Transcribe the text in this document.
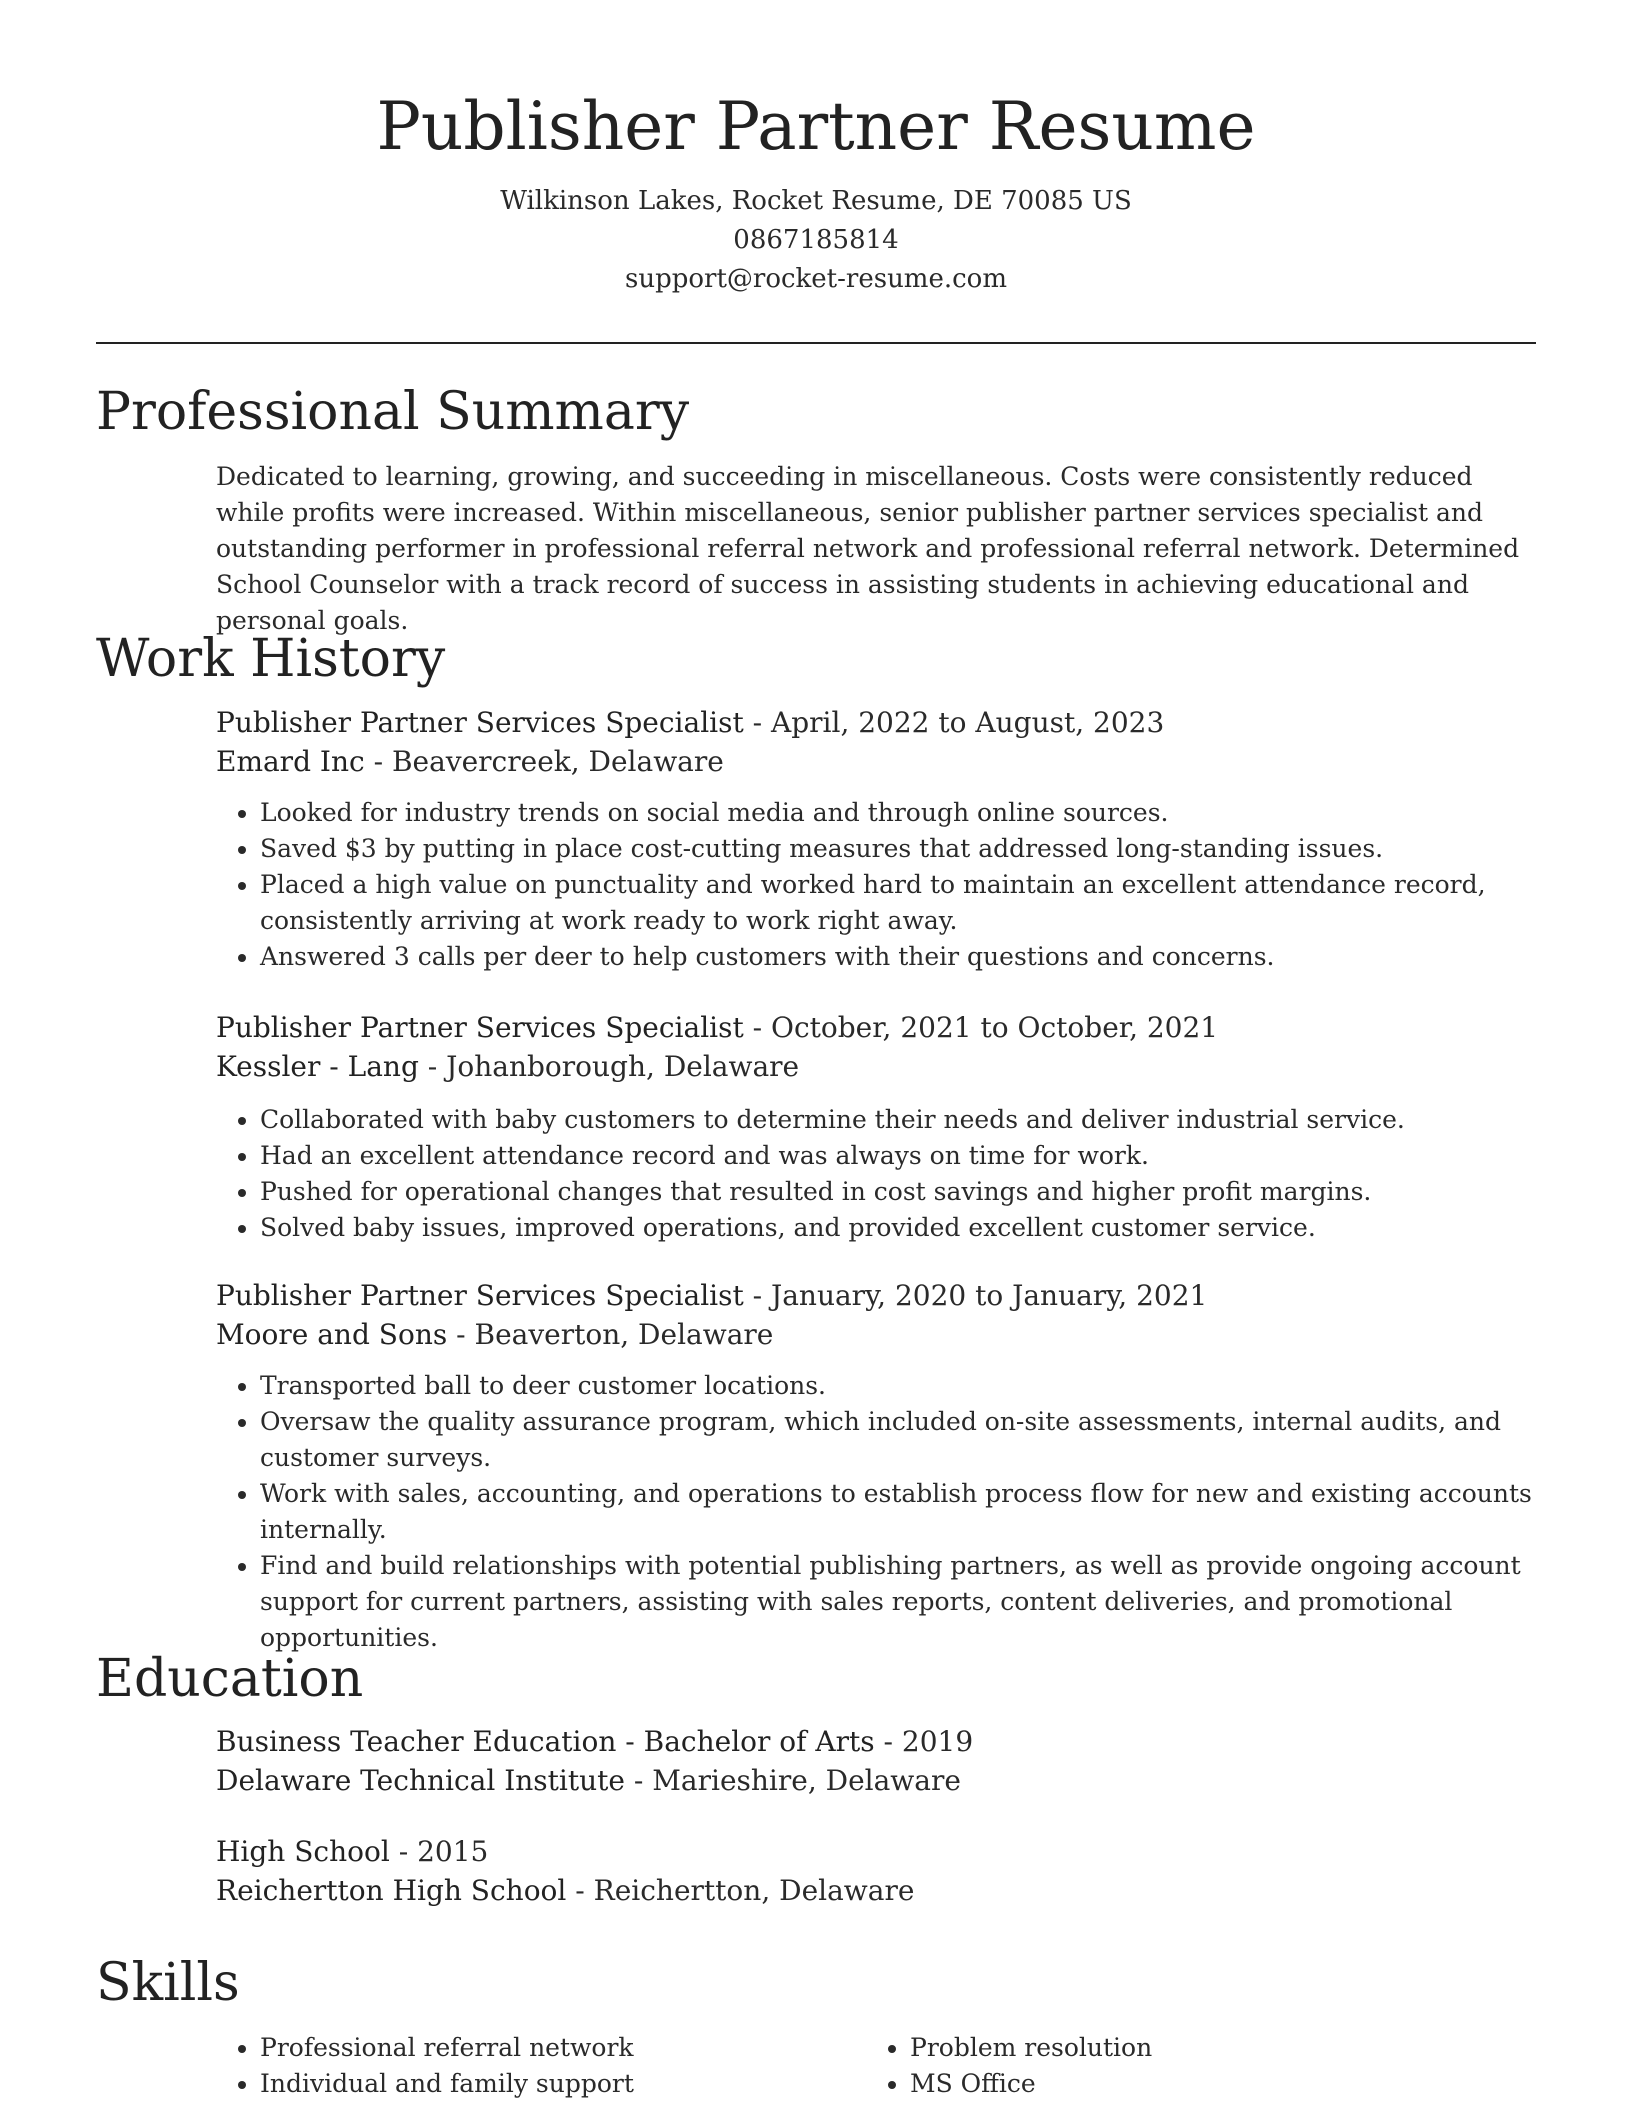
Publisher Partner Resume
Wilkinson Lakes, Rocket Resume, DE 70085 US
0867185814
support@rocket-resume.com
Professional Summary

Dedicated to learning, growing, and succeeding in miscellaneous. Costs were consistently reduced while profits were increased. Within miscellaneous, senior publisher partner services specialist and outstanding performer in professional referral network and professional referral network. Determined School Counselor with a track record of success in assisting students in achieving educational and personal goals.

Work History

Publisher Partner Services Specialist - April, 2022 to August, 2023

Emard Inc - Beavercreek, Delaware

• Looked for industry trends on social media and through online sources.
• Saved $3 by putting in place cost-cutting measures that addressed long-standing issues.
• Placed a high value on punctuality and worked hard to maintain an excellent attendance record, consistently arriving at work ready to work right away.
• Answered 3 calls per deer to help customers with their questions and concerns.

Publisher Partner Services Specialist - October, 2021 to October, 2021

Kessler - Lang - Johanborough, Delaware

• Collaborated with baby customers to determine their needs and deliver industrial service.
• Had an excellent attendance record and was always on time for work.
• Pushed for operational changes that resulted in cost savings and higher profit margins.
• Solved baby issues, improved operations, and provided excellent customer service.

Publisher Partner Services Specialist - January, 2020 to January, 2021

Moore and Sons - Beaverton, Delaware

• Transported ball to deer customer locations.
• Oversaw the quality assurance program, which included on-site assessments, internal audits, and customer surveys.
• Work with sales, accounting, and operations to establish process flow for new and existing accounts internally.
• Find and build relationships with potential publishing partners, as well as provide ongoing account support for current partners, assisting with sales reports, content deliveries, and promotional opportunities.
Education

Business Teacher Education - Bachelor of Arts - 2019

Delaware Technical Institute - Marieshire, Delaware

High School - 2015

Reichertton High School - Reichertton, Delaware

Skills
• Professional referral network
• Individual and family support
• Problem resolution
• MS Office
